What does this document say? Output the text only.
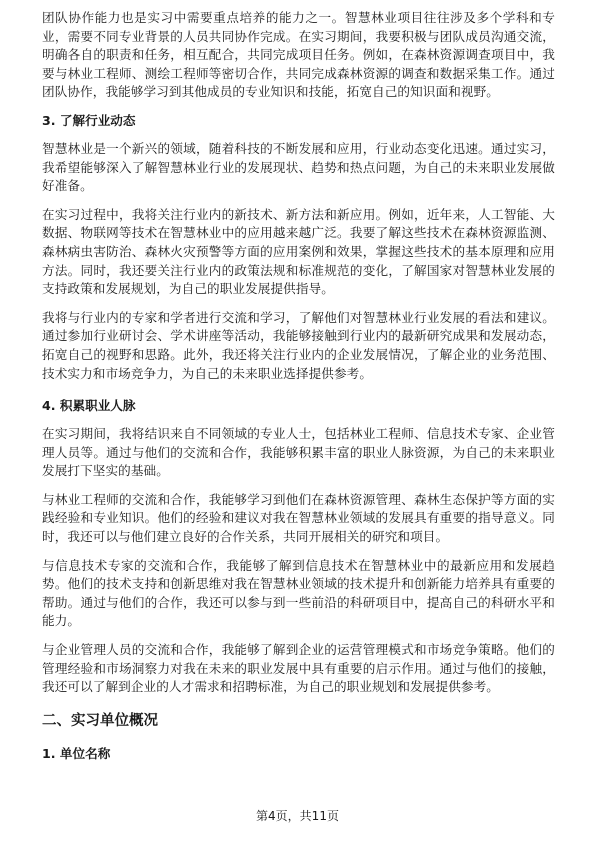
团队协作能力也是实习中需要重点培养的能力之一。智慧林业项目往往涉及多个学科和专业，需要不同专业背景的人员共同协作完成。在实习期间，我要积极与团队成员沟通交流，明确各自的职责和任务，相互配合，共同完成项目任务。例如，在森林资源调查项目中，我要与林业工程师、测绘工程师等密切合作，共同完成森林资源的调查和数据采集工作。通过团队协作，我能够学习到其他成员的专业知识和技能，拓宽自己的知识面和视野。

3. 了解行业动态

智慧林业是一个新兴的领域，随着科技的不断发展和应用，行业动态变化迅速。通过实习，我希望能够深入了解智慧林业行业的发展现状、趋势和热点问题，为自己的未来职业发展做好准备。

在实习过程中，我将关注行业内的新技术、新方法和新应用。例如，近年来，人工智能、大数据、物联网等技术在智慧林业中的应用越来越广泛。我要了解这些技术在森林资源监测、森林病虫害防治、森林火灾预警等方面的应用案例和效果，掌握这些技术的基本原理和应用方法。同时，我还要关注行业内的政策法规和标准规范的变化，了解国家对智慧林业发展的支持政策和发展规划，为自己的职业发展提供指导。

我将与行业内的专家和学者进行交流和学习，了解他们对智慧林业行业发展的看法和建议。通过参加行业研讨会、学术讲座等活动，我能够接触到行业内的最新研究成果和发展动态，拓宽自己的视野和思路。此外，我还将关注行业内的企业发展情况，了解企业的业务范围、技术实力和市场竞争力，为自己的未来职业选择提供参考。

4. 积累职业人脉

在实习期间，我将结识来自不同领域的专业人士，包括林业工程师、信息技术专家、企业管理人员等。通过与他们的交流和合作，我能够积累丰富的职业人脉资源，为自己的未来职业发展打下坚实的基础。

与林业工程师的交流和合作，我能够学习到他们在森林资源管理、森林生态保护等方面的实践经验和专业知识。他们的经验和建议对我在智慧林业领域的发展具有重要的指导意义。同时，我还可以与他们建立良好的合作关系，共同开展相关的研究和项目。

与信息技术专家的交流和合作，我能够了解到信息技术在智慧林业中的最新应用和发展趋势。他们的技术支持和创新思维对我在智慧林业领域的技术提升和创新能力培养具有重要的帮助。通过与他们的合作，我还可以参与到一些前沿的科研项目中，提高自己的科研水平和能力。

与企业管理人员的交流和合作，我能够了解到企业的运营管理模式和市场竞争策略。他们的管理经验和市场洞察力对我在未来的职业发展中具有重要的启示作用。通过与他们的接触，我还可以了解到企业的人才需求和招聘标准，为自己的职业规划和发展提供参考。

二、实习单位概况
1. 单位名称
第4页，共11页
